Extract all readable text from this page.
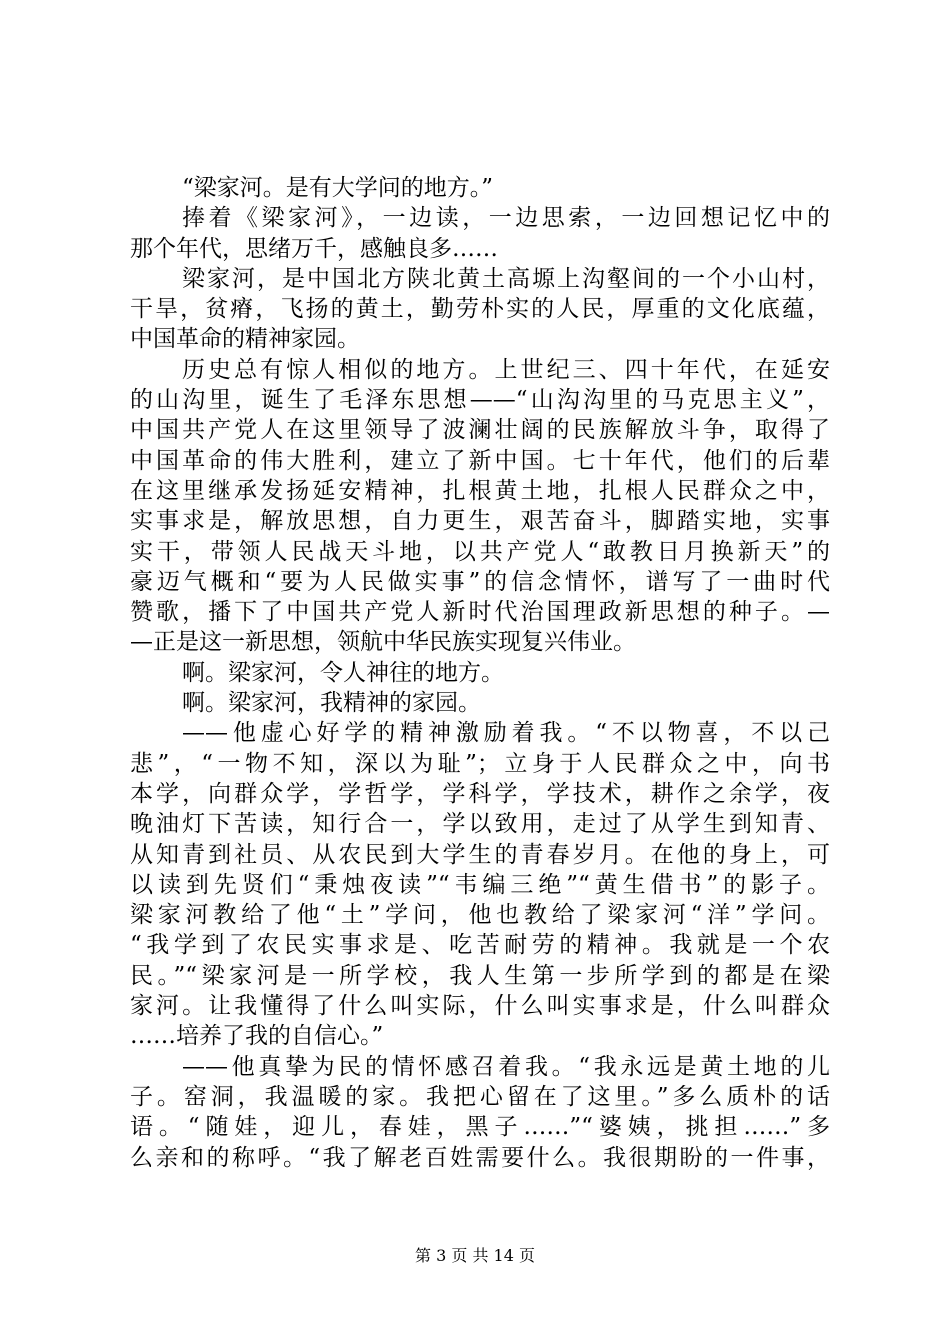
“梁家河。是有大学问的地方。”
捧着《梁家河》，一边读，一边思索，一边回想记忆中的
那个年代，思绪万千，感触良多……
梁家河，是中国北方陕北黄土高塬上沟壑间的一个小山村，
干旱，贫瘠，飞扬的黄土，勤劳朴实的人民，厚重的文化底蕴，
中国革命的精神家园。
历史总有惊人相似的地方。上世纪三、四十年代，在延安
的山沟里，诞生了毛泽东思想——“山沟沟里的马克思主义”，
中国共产党人在这里领导了波澜壮阔的民族解放斗争，取得了
中国革命的伟大胜利，建立了新中国。七十年代，他们的后辈
在这里继承发扬延安精神，扎根黄土地，扎根人民群众之中，
实事求是，解放思想，自力更生，艰苦奋斗，脚踏实地，实事
实干，带领人民战天斗地，以共产党人“敢教日月换新天”的
豪迈气概和“要为人民做实事”的信念情怀，谱写了一曲时代
赞歌，播下了中国共产党人新时代治国理政新思想的种子。—
—正是这一新思想，领航中华民族实现复兴伟业。
啊。梁家河，令人神往的地方。
啊。梁家河，我精神的家园。
——他虚心好学的精神激励着我。“不以物喜，不以己
悲”，“一物不知，深以为耻”；立身于人民群众之中，向书
本学，向群众学，学哲学，学科学，学技术，耕作之余学，夜
晚油灯下苦读，知行合一，学以致用，走过了从学生到知青、
从知青到社员、从农民到大学生的青春岁月。在他的身上，可
以读到先贤们“秉烛夜读”“韦编三绝”“黄生借书”的影子。
梁家河教给了他“土”学问，他也教给了梁家河“洋”学问。
“我学到了农民实事求是、吃苦耐劳的精神。我就是一个农
民。”“梁家河是一所学校，我人生第一步所学到的都是在梁
家河。让我懂得了什么叫实际，什么叫实事求是，什么叫群众
……培养了我的自信心。”
——他真挚为民的情怀感召着我。“我永远是黄土地的儿
子。窑洞，我温暖的家。我把心留在了这里。”多么质朴的话
语。“随娃，迎儿，春娃，黑子……”“婆姨，挑担……”多
么亲和的称呼。“我了解老百姓需要什么。我很期盼的一件事，
第 3 页 共 14 页
